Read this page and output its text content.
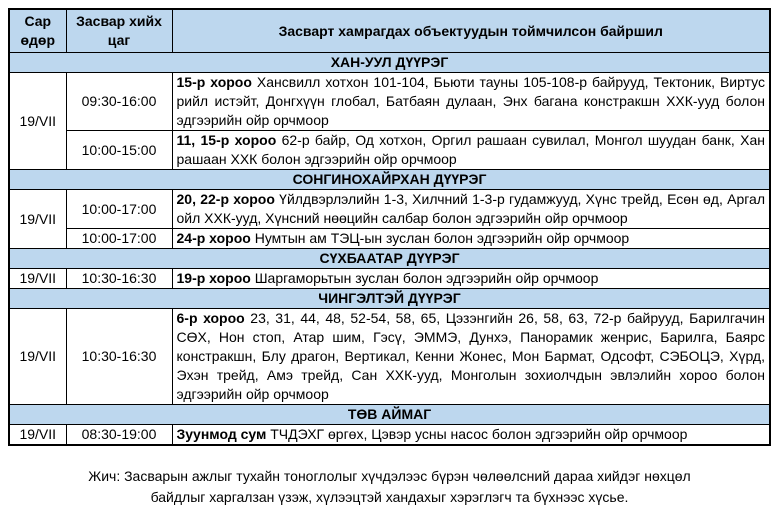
Сар өдөр	Засвар хийх цаг	Засварт хамрагдах объектуудын тоймчилсон байршил
ХАН-УУЛ ДҮҮРЭГ		
19/VII	09:30-16:00	15-р хороо Хансвилл хотхон 101-104, Бьюти тауны 105-108-р байрууд, Тектоник, Виртус рийл истэйт, Донгхүүн глобал, Батбаян дулаан, Энх багана констракшн ХХК-ууд болон эдгээрийн ойр орчмоор
	10:00-15:00	11, 15-р хороо 62-р байр, Од хотхон, Оргил рашаан сувилал, Монгол шуудан банк, Хан рашаан ХХК болон эдгээрийн ойр орчмоор
СОНГИНОХАЙРХАН ДҮҮРЭГ		
19/VII	10:00-17:00	20, 22-р хороо Үйлдвэрлэлийн 1-3, Хилчний 1-3-р гудамжууд, Хүнс трейд, Есөн өд, Аргал ойл ХХК-ууд, Хүнсний нөөцийн салбар болон эдгээрийн ойр орчмоор
	10:00-17:00	24-р хороо Нумтын ам ТЭЦ-ын зуслан болон эдгээрийн ойр орчмоор
СҮХБААТАР ДҮҮРЭГ		
19/VII	10:30-16:30	19-р хороо Шаргаморьтын зуслан болон эдгээрийн ойр орчмоор
ЧИНГЭЛТЭЙ ДҮҮРЭГ		
19/VII	10:30-16:30	6-р хороо 23, 31, 44, 48, 52-54, 58, 65, Цэзэнгийн 26, 58, 63, 72-р байрууд, Барилгачин СӨХ, Нон стоп, Атар шим, Гэсү, ЭММЭ, Дунхэ, Панорамик женрис, Барилга, Баярс констракшн, Блу драгон, Вертикал, Кенни Жонес, Мон Бармат, Одсофт, СЭБОЦЭ, Хүрд, Эхэн трейд, Амэ трейд, Сан ХХК-ууд, Монголын зохиолчдын эвлэлийн хороо болон эдгээрийн ойр орчмоор
ТӨВ АЙМАГ		
19/VII	08:30-19:00	Зуунмод сум ТЧДЭХГ өргөх, Цэвэр усны насос болон эдгээрийн ойр орчмоор

Жич: Засварын ажлыг тухайн тоноглолыг хүчдэлээс бүрэн чөлөөлсний дараа хийдэг нөхцөл байдлыг харгалзан үзэж, хүлээцтэй хандахыг хэрэглэгч та бүхнээс хүсье.
